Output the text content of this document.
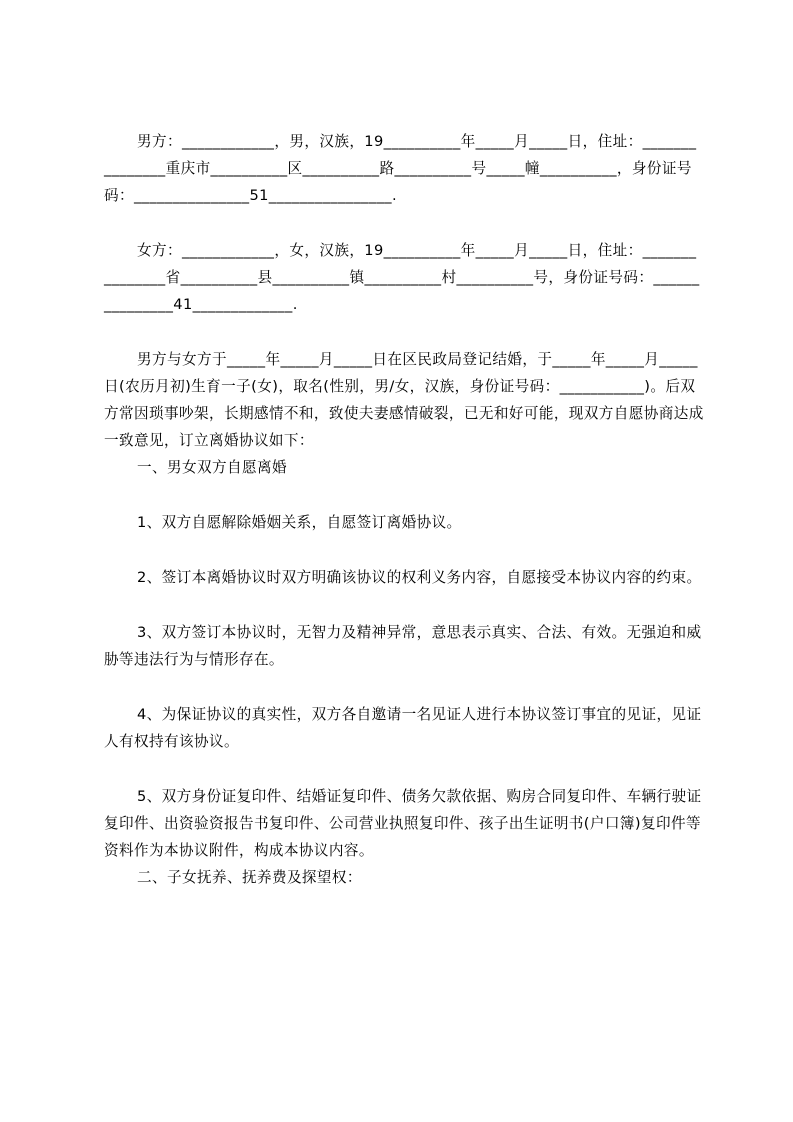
男方：____________，男，汉族，19__________年_____月_____日，住址：_______________重庆市__________区__________路__________号_____幢__________，身份证号码：_______________51________________.

女方：____________，女，汉族，19__________年_____月_____日，住址：_______________省__________县__________镇__________村__________号，身份证号码：_______________41_____________.

男方与女方于_____年_____月_____日在区民政局登记结婚，于_____年_____月_____日(农历月初)生育一子(女)，取名(性别，男/女，汉族，身份证号码：___________)。后双方常因琐事吵架，长期感情不和，致使夫妻感情破裂，已无和好可能，现双方自愿协商达成一致意见，订立离婚协议如下：

一、男女双方自愿离婚

1、双方自愿解除婚姻关系，自愿签订离婚协议。

2、签订本离婚协议时双方明确该协议的权利义务内容，自愿接受本协议内容的约束。

3、双方签订本协议时，无智力及精神异常，意思表示真实、合法、有效。无强迫和威胁等违法行为与情形存在。

4、为保证协议的真实性，双方各自邀请一名见证人进行本协议签订事宜的见证，见证人有权持有该协议。

5、双方身份证复印件、结婚证复印件、债务欠款依据、购房合同复印件、车辆行驶证复印件、出资验资报告书复印件、公司营业执照复印件、孩子出生证明书(户口簿)复印件等资料作为本协议附件，构成本协议内容。

二、子女抚养、抚养费及探望权：
